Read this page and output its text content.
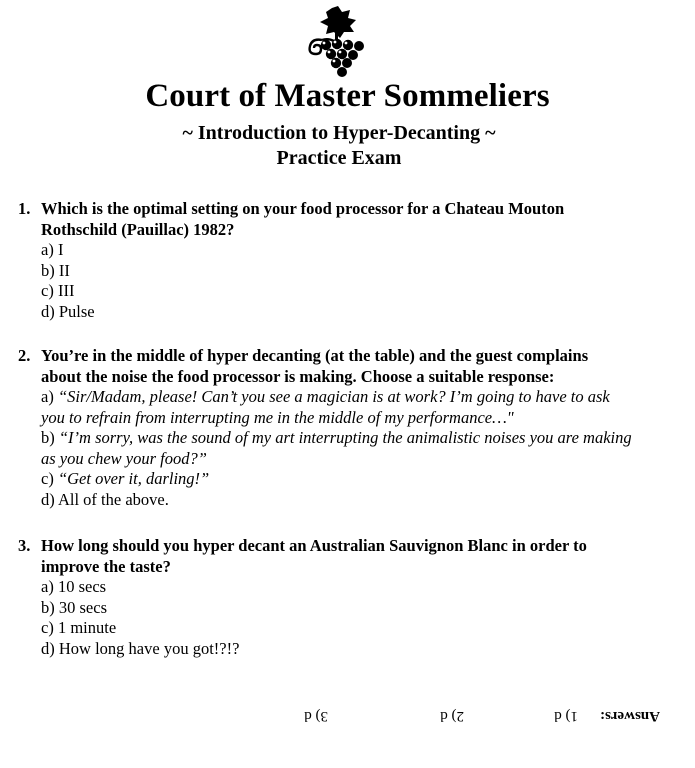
Court of Master Sommeliers
~ Introduction to Hyper-Decanting ~
Practice Exam
1. Which is the optimal setting on your food processor for a Chateau Mouton
Rothschild (Pauillac) 1982?
a) I
b) II
c) III
d) Pulse
2. You’re in the middle of hyper decanting (at the table) and the guest complains
about the noise the food processor is making. Choose a suitable response:
a) “Sir/Madam, please! Can’t you see a magician is at work? I’m going to have to ask
you to refrain from interrupting me in the middle of my performance…"
b) “I’m sorry, was the sound of my art interrupting the animalistic noises you are making
as you chew your food?”
c) “Get over it, darling!”
d) All of the above.
3. How long should you hyper decant an Australian Sauvignon Blanc in order to
improve the taste?
a) 10 secs
b) 30 secs
c) 1 minute
d) How long have you got!?!?
Answers:
1) d
2) d
3) d
